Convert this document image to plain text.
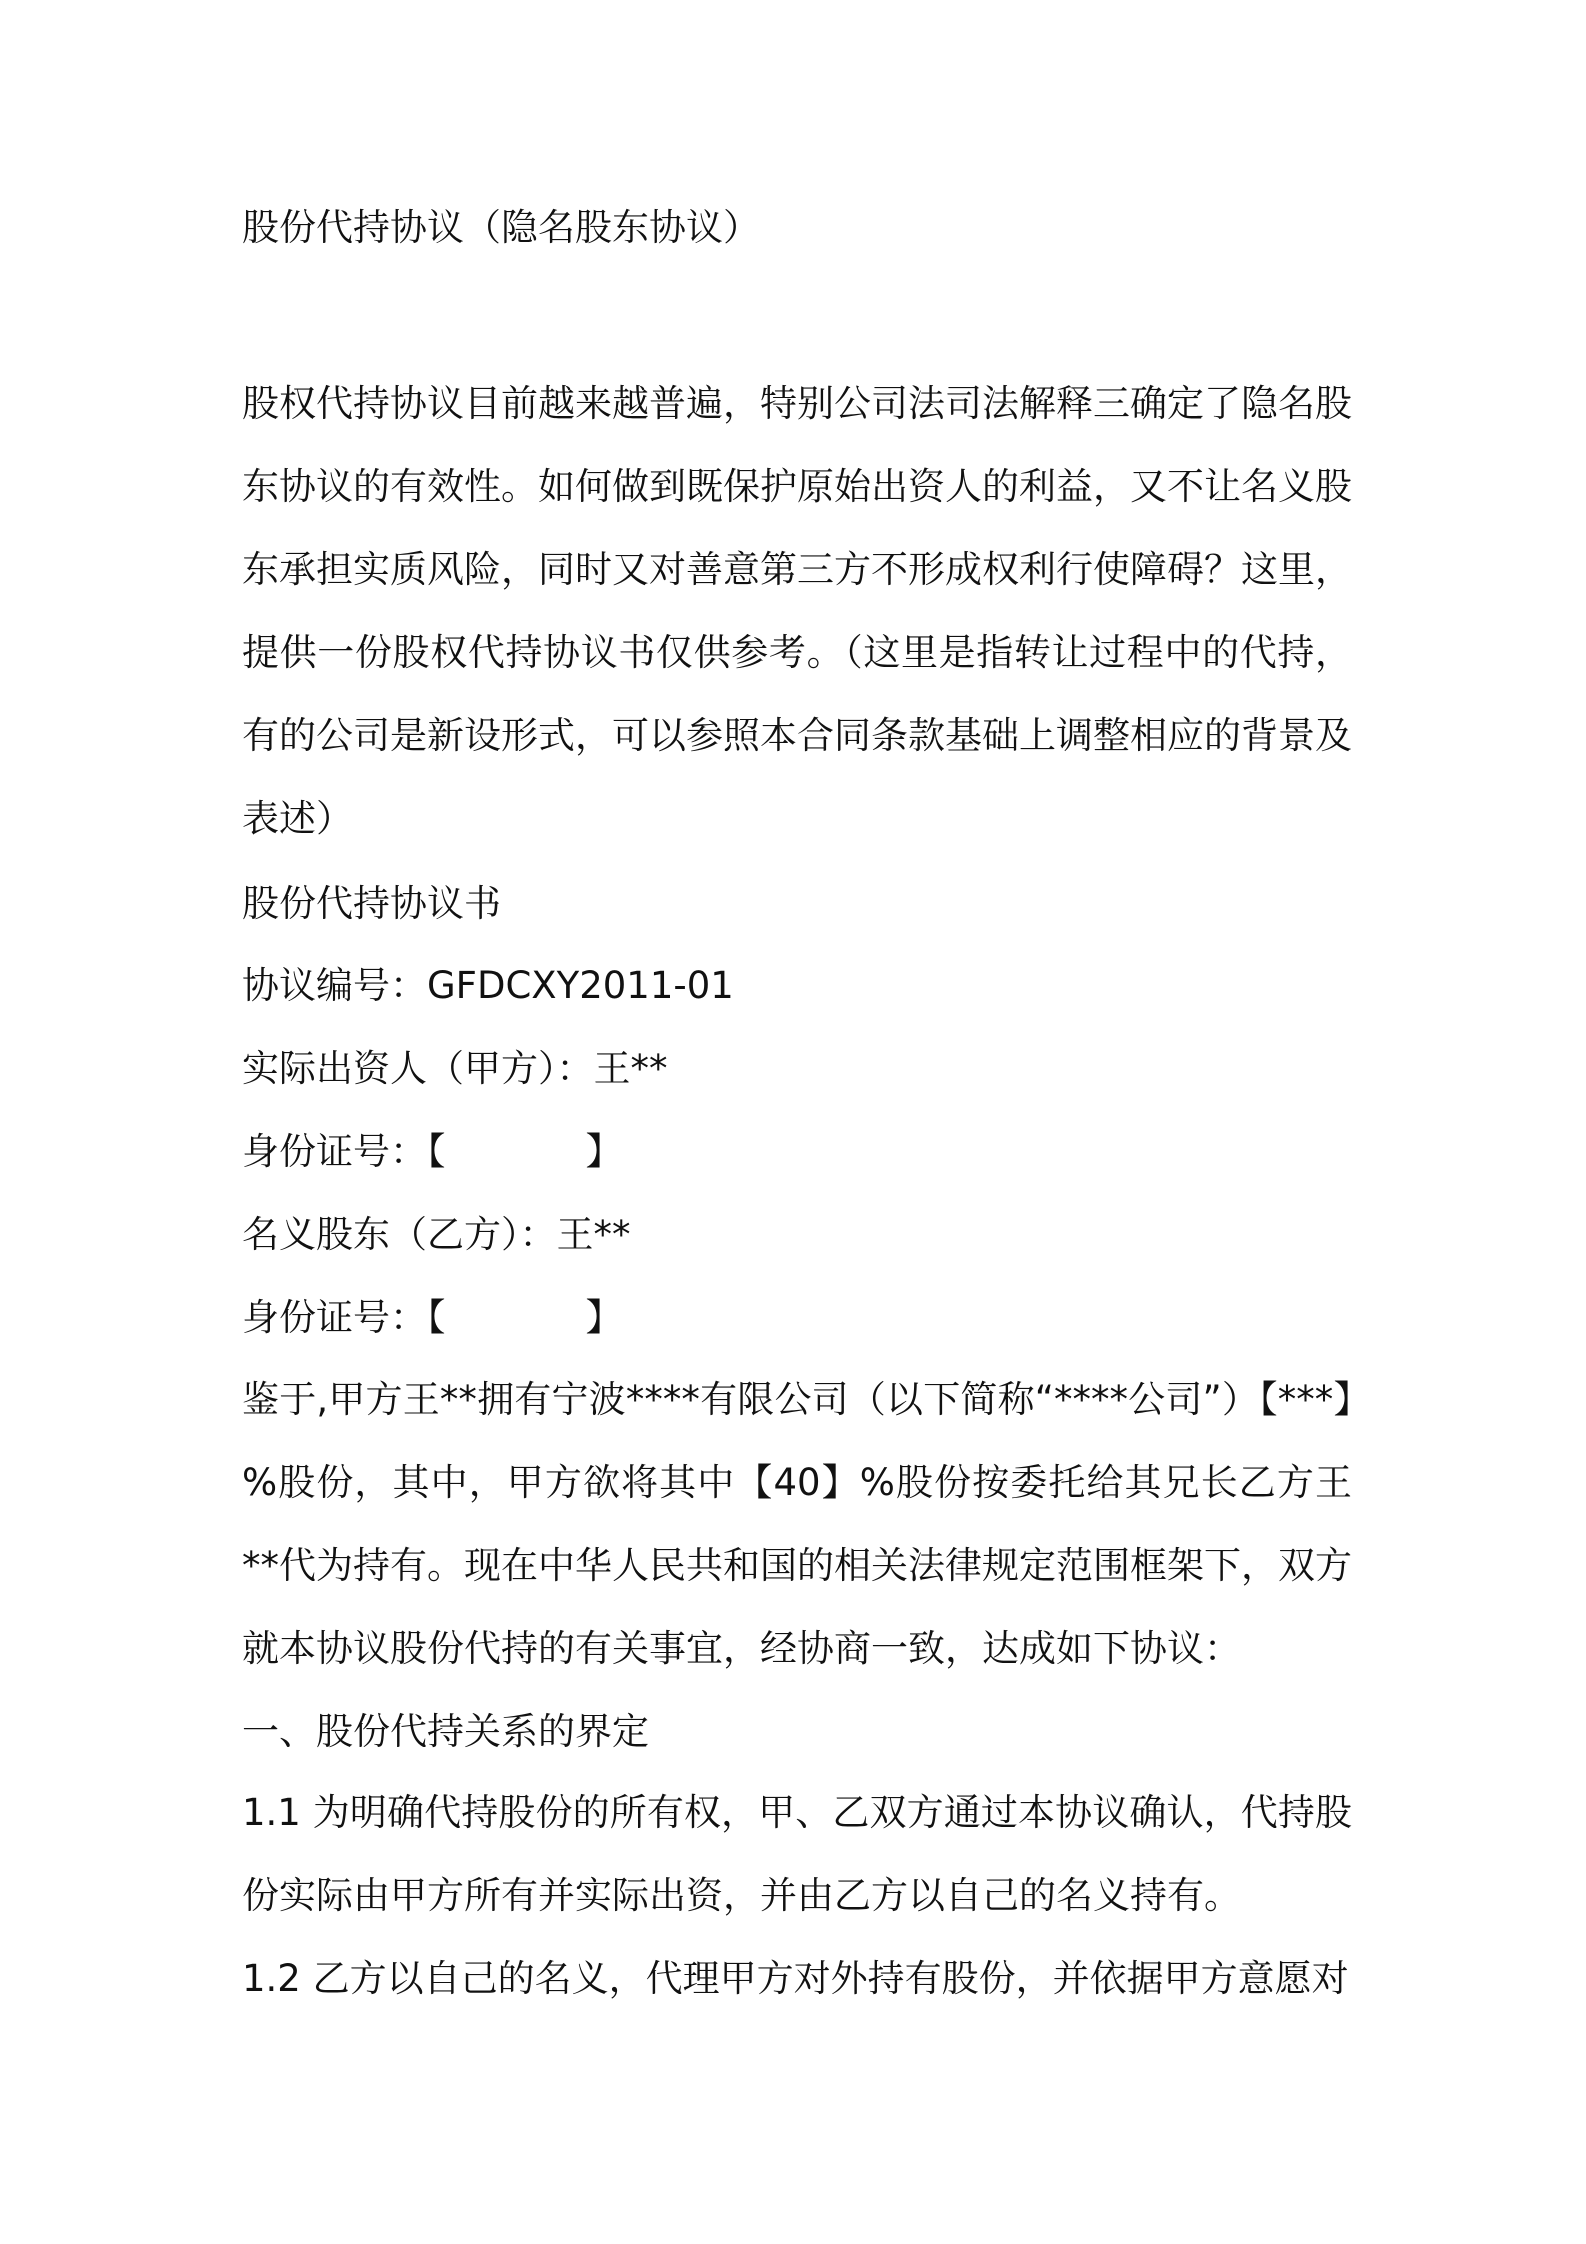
股份代持协议（隐名股东协议）

股权代持协议目前越来越普遍，特别公司法司法解释三确定了隐名股东协议的有效性。如何做到既保护原始出资人的利益，又不让名义股东承担实质风险，同时又对善意第三方不形成权利行使障碍？这里，提供一份股权代持协议书仅供参考。（这里是指转让过程中的代持，有的公司是新设形式，可以参照本合同条款基础上调整相应的背景及表述）

股份代持协议书

协议编号：GFDCXY2011-01

实际出资人（甲方）：王**

身份证号：【	】

名义股东（乙方）：王**

身份证号：【	】

鉴于,甲方王**拥有宁波****有限公司（以下简称“****公司”）【***】%股份，其中，甲方欲将其中【40】%股份按委托给其兄长乙方王**代为持有。现在中华人民共和国的相关法律规定范围框架下，双方就本协议股份代持的有关事宜，经协商一致，达成如下协议：

一、股份代持关系的界定

1.1 为明确代持股份的所有权，甲、乙双方通过本协议确认，代持股份实际由甲方所有并实际出资，并由乙方以自己的名义持有。

1.2 乙方以自己的名义，代理甲方对外持有股份，并依据甲方意愿对
